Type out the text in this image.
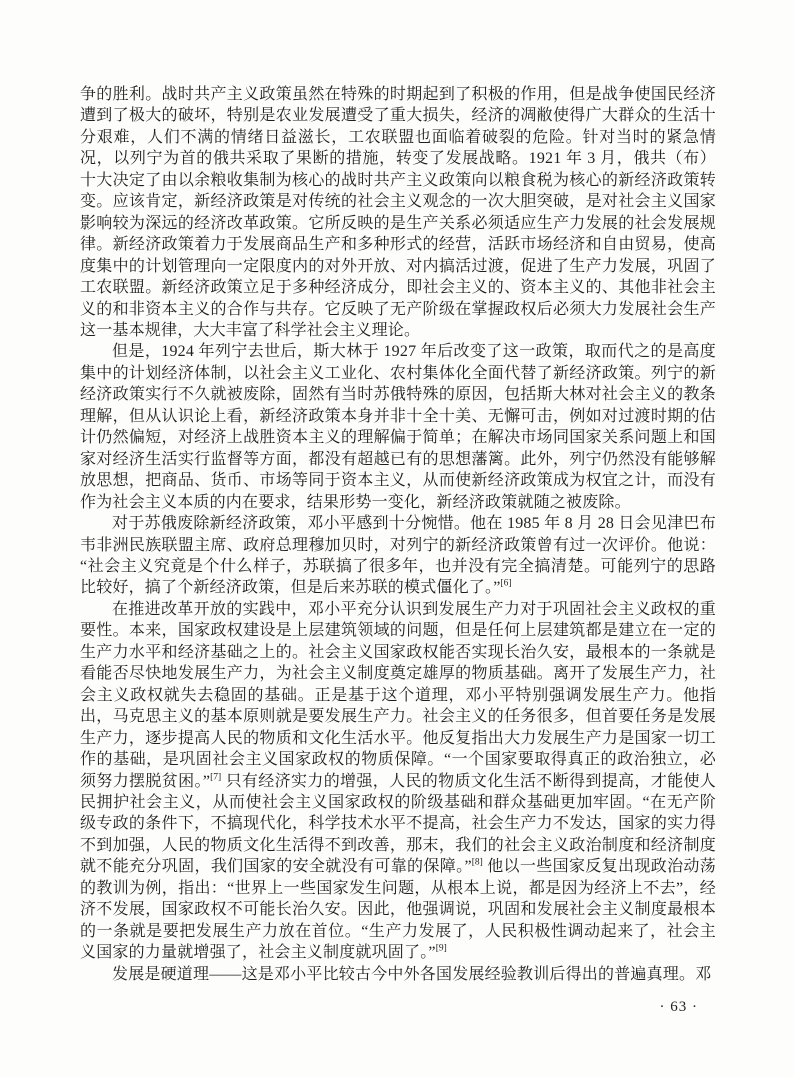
争的胜利。战时共产主义政策虽然在特殊的时期起到了积极的作用，但是战争使国民经济遭到了极大的破坏，特别是农业发展遭受了重大损失，经济的凋敝使得广大群众的生活十分艰难，人们不满的情绪日益滋长，工农联盟也面临着破裂的危险。针对当时的紧急情况，以列宁为首的俄共采取了果断的措施，转变了发展战略。1921 年 3 月，俄共（布）十大决定了由以余粮收集制为核心的战时共产主义政策向以粮食税为核心的新经济政策转变。应该肯定，新经济政策是对传统的社会主义观念的一次大胆突破，是对社会主义国家影响较为深远的经济改革政策。它所反映的是生产关系必须适应生产力发展的社会发展规律。新经济政策着力于发展商品生产和多种形式的经营，活跃市场经济和自由贸易，使高度集中的计划管理向一定限度内的对外开放、对内搞活过渡，促进了生产力发展，巩固了工农联盟。新经济政策立足于多种经济成分，即社会主义的、资本主义的、其他非社会主义的和非资本主义的合作与共存。它反映了无产阶级在掌握政权后必须大力发展社会生产这一基本规律，大大丰富了科学社会主义理论。

但是，1924 年列宁去世后，斯大林于 1927 年后改变了这一政策，取而代之的是高度集中的计划经济体制，以社会主义工业化、农村集体化全面代替了新经济政策。列宁的新经济政策实行不久就被废除，固然有当时苏俄特殊的原因，包括斯大林对社会主义的教条理解，但从认识论上看，新经济政策本身并非十全十美、无懈可击，例如对过渡时期的估计仍然偏短，对经济上战胜资本主义的理解偏于简单；在解决市场同国家关系问题上和国家对经济生活实行监督等方面，都没有超越已有的思想藩篱。此外，列宁仍然没有能够解放思想，把商品、货币、市场等同于资本主义，从而使新经济政策成为权宜之计，而没有作为社会主义本质的内在要求，结果形势一变化，新经济政策就随之被废除。

对于苏俄废除新经济政策，邓小平感到十分惋惜。他在 1985 年 8 月 28 日会见津巴布韦非洲民族联盟主席、政府总理穆加贝时，对列宁的新经济政策曾有过一次评价。他说：“社会主义究竟是个什么样子，苏联搞了很多年，也并没有完全搞清楚。可能列宁的思路比较好，搞了个新经济政策，但是后来苏联的模式僵化了。”[6]

在推进改革开放的实践中，邓小平充分认识到发展生产力对于巩固社会主义政权的重要性。本来，国家政权建设是上层建筑领域的问题，但是任何上层建筑都是建立在一定的生产力水平和经济基础之上的。社会主义国家政权能否实现长治久安，最根本的一条就是看能否尽快地发展生产力，为社会主义制度奠定雄厚的物质基础。离开了发展生产力，社会主义政权就失去稳固的基础。正是基于这个道理，邓小平特别强调发展生产力。他指出，马克思主义的基本原则就是要发展生产力。社会主义的任务很多，但首要任务是发展生产力，逐步提高人民的物质和文化生活水平。他反复指出大力发展生产力是国家一切工作的基础，是巩固社会主义国家政权的物质保障。“一个国家要取得真正的政治独立，必须努力摆脱贫困。”[7] 只有经济实力的增强，人民的物质文化生活不断得到提高，才能使人民拥护社会主义，从而使社会主义国家政权的阶级基础和群众基础更加牢固。“在无产阶级专政的条件下，不搞现代化，科学技术水平不提高，社会生产力不发达，国家的实力得不到加强，人民的物质文化生活得不到改善，那末，我们的社会主义政治制度和经济制度就不能充分巩固，我们国家的安全就没有可靠的保障。”[8] 他以一些国家反复出现政治动荡的教训为例，指出：“世界上一些国家发生问题，从根本上说，都是因为经济上不去”，经济不发展，国家政权不可能长治久安。因此，他强调说，巩固和发展社会主义制度最根本的一条就是要把发展生产力放在首位。“生产力发展了，人民积极性调动起来了，社会主义国家的力量就增强了，社会主义制度就巩固了。”[9]

发展是硬道理——这是邓小平比较古今中外各国发展经验教训后得出的普遍真理。邓

· 63 ·
